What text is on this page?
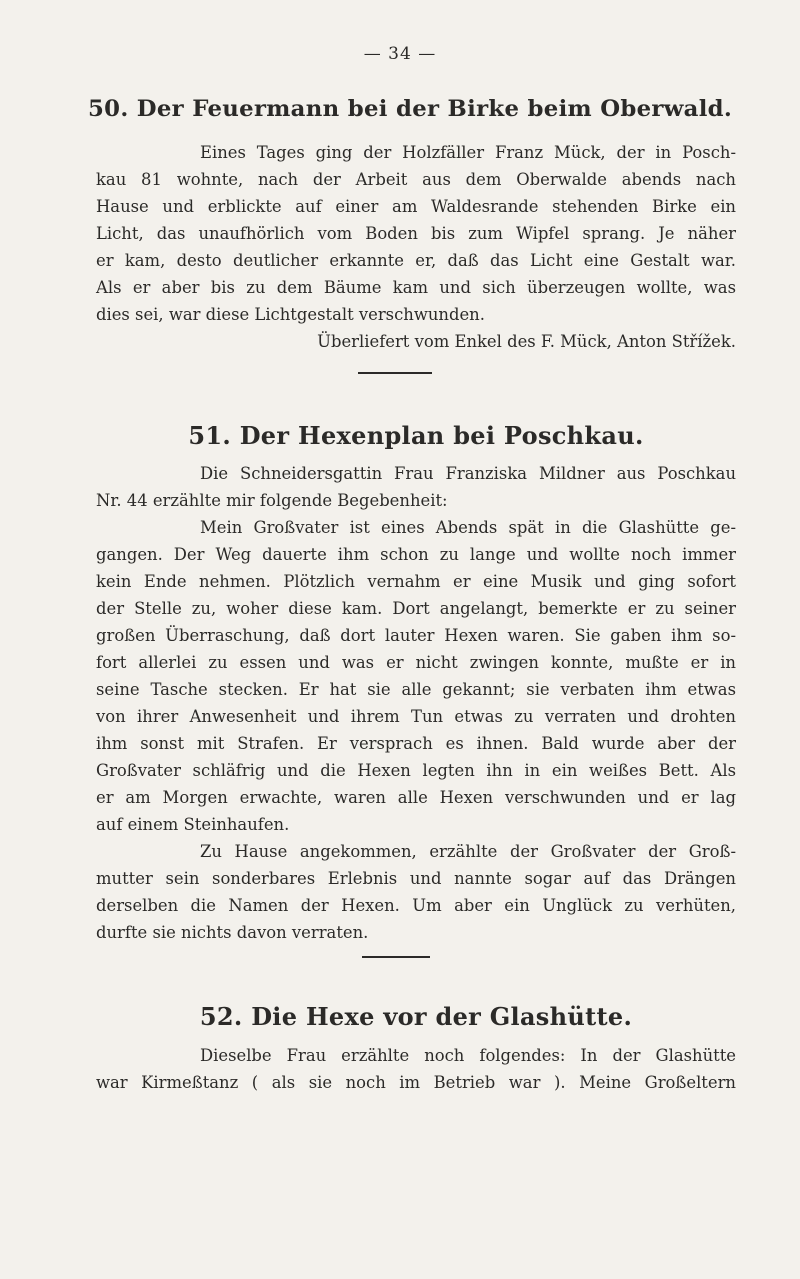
— 34 —
50. Der Feuermann bei der Birke beim Oberwald.
Eines Tages ging der Holzfäller Franz Mück, der in Posch-
kau 81 wohnte, nach der Arbeit aus dem Oberwalde abends nach
Hause und erblickte auf einer am Waldesrande stehenden Birke ein
Licht, das unaufhörlich vom Boden bis zum Wipfel sprang. Je näher
er kam, desto deutlicher erkannte er, daß das Licht eine Gestalt war.
Als er aber bis zu dem Bäume kam und sich überzeugen wollte, was
dies sei, war diese Lichtgestalt verschwunden.
Überliefert vom Enkel des F. Mück, Anton Střížek.
51. Der Hexenplan bei Poschkau.
Die Schneidersgattin Frau Franziska Mildner aus Poschkau
Nr. 44 erzählte mir folgende Begebenheit:
Mein Großvater ist eines Abends spät in die Glashütte ge-
gangen. Der Weg dauerte ihm schon zu lange und wollte noch immer
kein Ende nehmen. Plötzlich vernahm er eine Musik und ging sofort
der Stelle zu, woher diese kam. Dort angelangt, bemerkte er zu seiner
großen Überraschung, daß dort lauter Hexen waren. Sie gaben ihm so-
fort allerlei zu essen und was er nicht zwingen konnte, mußte er in
seine Tasche stecken. Er hat sie alle gekannt; sie verbaten ihm etwas
von ihrer Anwesenheit und ihrem Tun etwas zu verraten und drohten
ihm sonst mit Strafen. Er versprach es ihnen. Bald wurde aber der
Großvater schläfrig und die Hexen legten ihn in ein weißes Bett. Als
er am Morgen erwachte, waren alle Hexen verschwunden und er lag
auf einem Steinhaufen.
Zu Hause angekommen, erzählte der Großvater der Groß-
mutter sein sonderbares Erlebnis und nannte sogar auf das Drängen
derselben die Namen der Hexen. Um aber ein Unglück zu verhüten,
durfte sie nichts davon verraten.
52. Die Hexe vor der Glashütte.
Dieselbe Frau erzählte noch folgendes: In der Glashütte
war Kirmeßtanz ( als sie noch im Betrieb war ). Meine Großeltern
